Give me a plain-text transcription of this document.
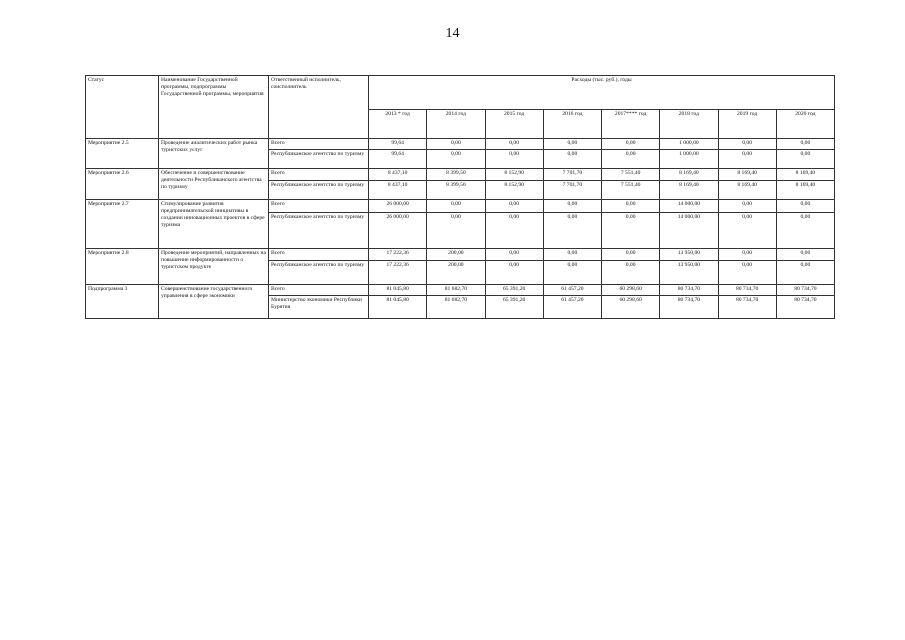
14
Статус	Наименование Государственной программы, подпрограммы Государственной программы, мероприятия	Ответственный исполнитель, соисполнитель	Расходы (тыс. руб.), годы							
			2013 * год	2014 год	2015 год	2016 год	2017**** год	2018 год	2019 год	2020 год
Мероприятие 2.5	Проведение аналитических работ рынка туристских услуг	Всего	99,64	0,00	0,00	0,00	0,00	1 000,00	0,00	0,00
		Республиканское агентство по туризму	99,64	0,00	0,00	0,00	0,00	1 000,00	0,00	0,00
Мероприятие 2.6	Обеспечение и совершенствование деятельности Республиканского агентства по туризму	Всего	8 437,10	8 399,50	8 152,90	7 701,70	7 551,40	8 169,40	8 169,40	8 169,40
		Республиканское агентство по туризму	8 437,10	8 399,50	8 152,90	7 701,70	7 551,40	8 169,40	8 169,40	8 169,40
Мероприятие 2.7	Стимулирование развития предпринимательской инициативы в создании инновационных проектов в сфере туризма	Всего	26 000,00	0,00	0,00	0,00	0,00	14 000,00	0,00	0,00
		Республиканское агентство по туризму	26 000,00	0,00	0,00	0,00	0,00	14 000,00	0,00	0,00
Мероприятие 2.8	Проведение мероприятий, направленных на повышение информированности о туристском продукте	Всего	17 222,36	200,00	0,00	0,00	0,00	13 950,00	0,00	0,00
		Республиканское агентство по туризму	17 222,36	200,00	0,00	0,00	0,00	13 950,00	0,00	0,00
Подпрограмма 3	Совершенствование государственного управления в сфере экономики	Всего	81 045,80	81 682,70	65 391,20	61 457,20	60 298,60	80 734,70	80 734,70	80 734,70
		Министерство экономики Республики Бурятия	81 045,80	81 682,70	65 391,20	61 457,20	60 298,60	80 734,70	80 734,70	80 734,70
